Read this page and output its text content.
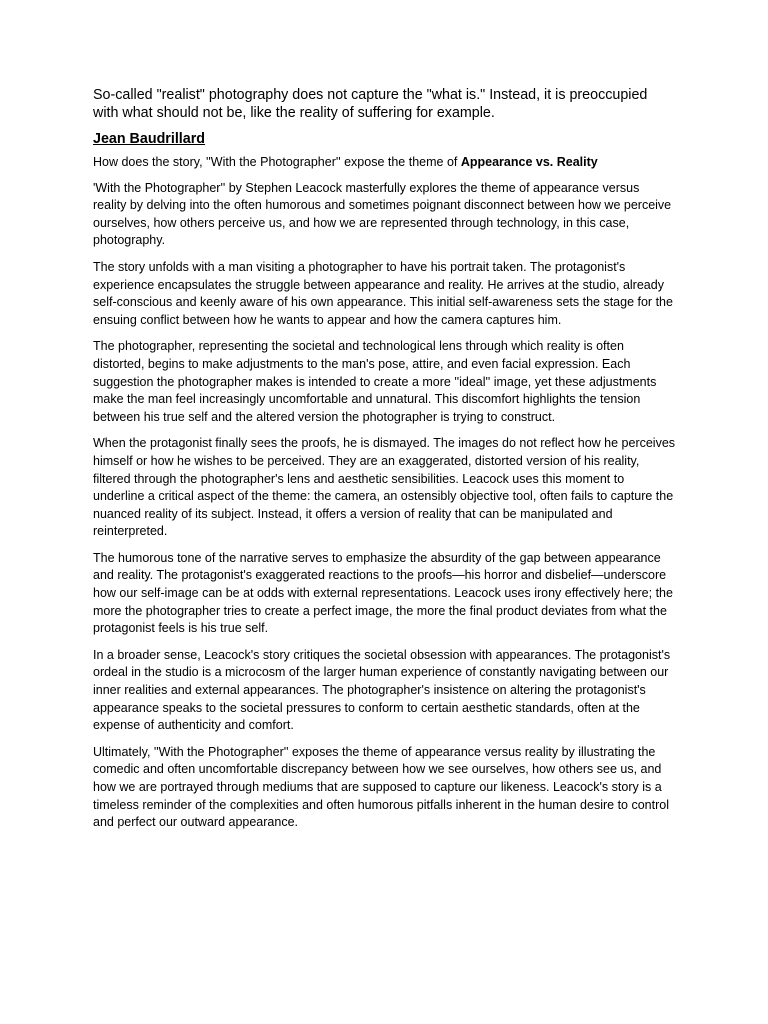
So-called "realist" photography does not capture the "what is." Instead, it is preoccupied with what should not be, like the reality of suffering for example.

Jean Baudrillard

How does the story, ''With the Photographer'' expose the theme of Appearance vs. Reality

'With the Photographer'' by Stephen Leacock masterfully explores the theme of appearance versus reality by delving into the often humorous and sometimes poignant disconnect between how we perceive ourselves, how others perceive us, and how we are represented through technology, in this case, photography.

The story unfolds with a man visiting a photographer to have his portrait taken. The protagonist's experience encapsulates the struggle between appearance and reality. He arrives at the studio, already self-conscious and keenly aware of his own appearance. This initial self-awareness sets the stage for the ensuing conflict between how he wants to appear and how the camera captures him.

The photographer, representing the societal and technological lens through which reality is often distorted, begins to make adjustments to the man's pose, attire, and even facial expression. Each suggestion the photographer makes is intended to create a more ''ideal'' image, yet these adjustments make the man feel increasingly uncomfortable and unnatural. This discomfort highlights the tension between his true self and the altered version the photographer is trying to construct.

When the protagonist finally sees the proofs, he is dismayed. The images do not reflect how he perceives himself or how he wishes to be perceived. They are an exaggerated, distorted version of his reality, filtered through the photographer's lens and aesthetic sensibilities. Leacock uses this moment to underline a critical aspect of the theme: the camera, an ostensibly objective tool, often fails to capture the nuanced reality of its subject. Instead, it offers a version of reality that can be manipulated and reinterpreted.

The humorous tone of the narrative serves to emphasize the absurdity of the gap between appearance and reality. The protagonist's exaggerated reactions to the proofs—his horror and disbelief—underscore how our self-image can be at odds with external representations. Leacock uses irony effectively here; the more the photographer tries to create a perfect image, the more the final product deviates from what the protagonist feels is his true self.

In a broader sense, Leacock's story critiques the societal obsession with appearances. The protagonist's ordeal in the studio is a microcosm of the larger human experience of constantly navigating between our inner realities and external appearances. The photographer's insistence on altering the protagonist's appearance speaks to the societal pressures to conform to certain aesthetic standards, often at the expense of authenticity and comfort.

Ultimately, ''With the Photographer'' exposes the theme of appearance versus reality by illustrating the comedic and often uncomfortable discrepancy between how we see ourselves, how others see us, and how we are portrayed through mediums that are supposed to capture our likeness. Leacock's story is a timeless reminder of the complexities and often humorous pitfalls inherent in the human desire to control and perfect our outward appearance.
